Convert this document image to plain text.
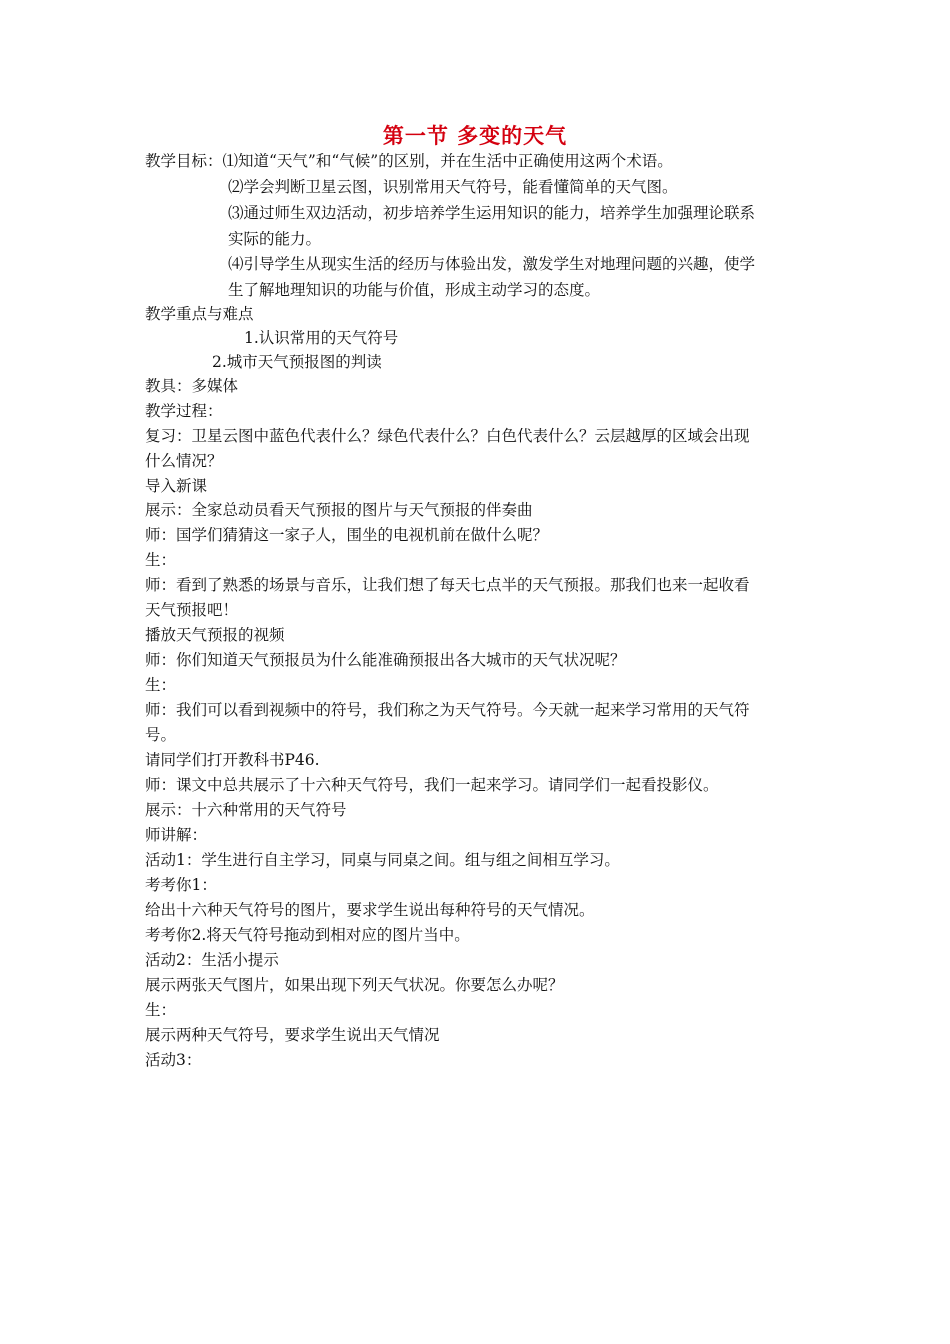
第一节 多变的天气
教学目标：⑴知道“天气”和“气候”的区别，并在生活中正确使用这两个术语。
⑵学会判断卫星云图，识别常用天气符号，能看懂简单的天气图。
⑶通过师生双边活动，初步培养学生运用知识的能力，培养学生加强理论联系
实际的能力。
⑷引导学生从现实生活的经历与体验出发，激发学生对地理问题的兴趣，使学
生了解地理知识的功能与价值，形成主动学习的态度。
教学重点与难点
1.认识常用的天气符号
2.城市天气预报图的判读
教具：多媒体
教学过程：
复习：卫星云图中蓝色代表什么？绿色代表什么？白色代表什么？云层越厚的区域会出现
什么情况？
导入新课
展示：全家总动员看天气预报的图片与天气预报的伴奏曲
师：国学们猜猜这一家子人，围坐的电视机前在做什么呢？
生：
师：看到了熟悉的场景与音乐，让我们想了每天七点半的天气预报。那我们也来一起收看
天气预报吧！
播放天气预报的视频
师：你们知道天气预报员为什么能准确预报出各大城市的天气状况呢？
生：
师：我们可以看到视频中的符号，我们称之为天气符号。今天就一起来学习常用的天气符
号。
请同学们打开教科书P46.
师：课文中总共展示了十六种天气符号，我们一起来学习。请同学们一起看投影仪。
展示：十六种常用的天气符号
师讲解：
活动1：学生进行自主学习，同桌与同桌之间。组与组之间相互学习。
考考你1：
给出十六种天气符号的图片，要求学生说出每种符号的天气情况。
考考你2.将天气符号拖动到相对应的图片当中。
活动2：生活小提示
展示两张天气图片，如果出现下列天气状况。你要怎么办呢？
生：
展示两种天气符号，要求学生说出天气情况
活动3：
